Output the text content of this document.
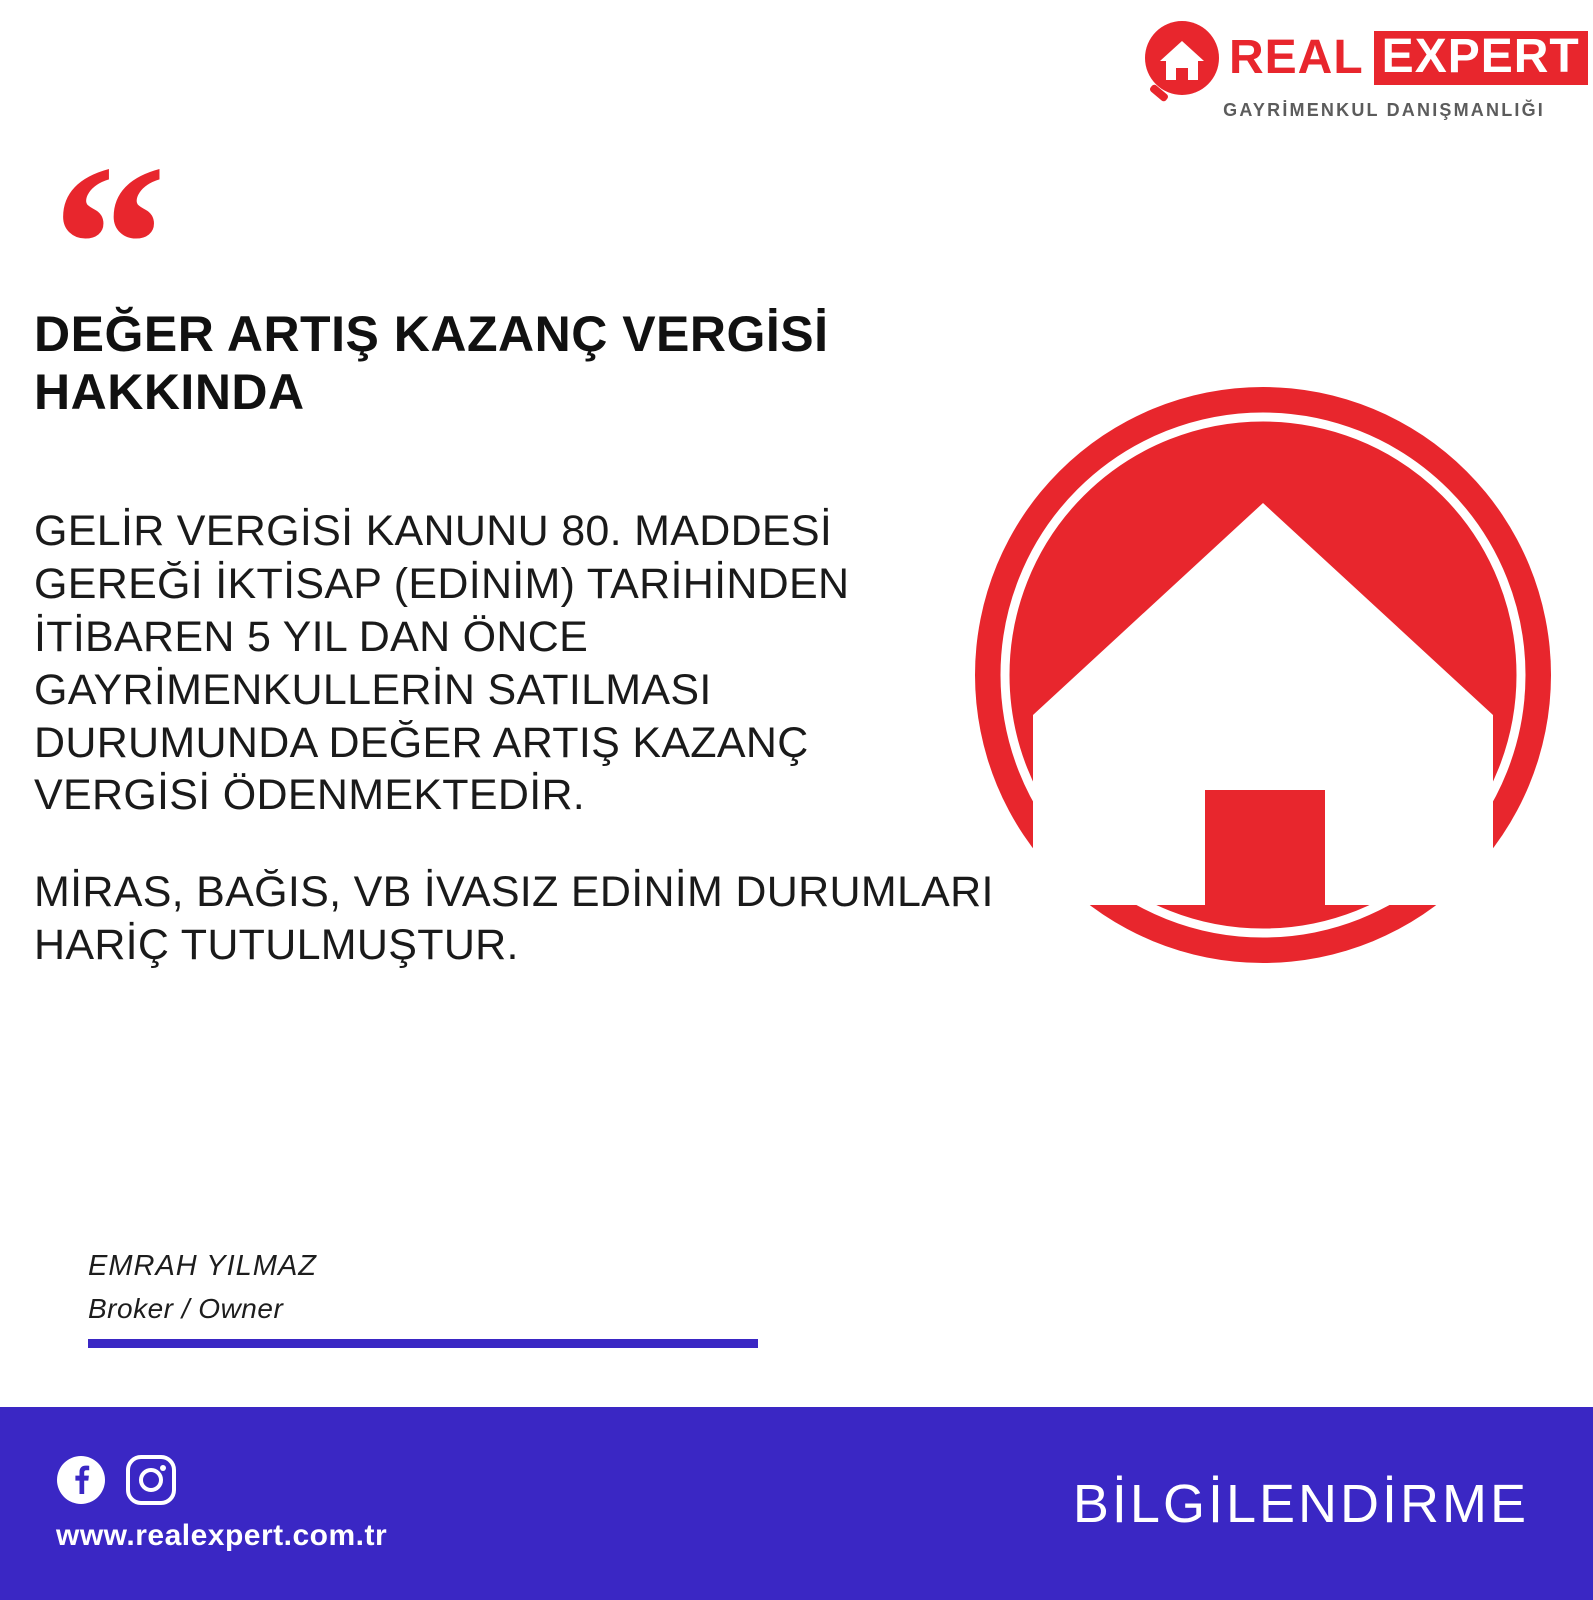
REAL EXPERT
GAYRİMENKUL DANIŞMANLIĞI
“
DEĞER ARTIŞ KAZANÇ VERGİSİ HAKKINDA

GELİR VERGİSİ KANUNU 80. MADDESİ GEREĞİ İKTİSAP (EDİNİM) TARİHİNDEN İTİBAREN 5 YIL DAN ÖNCE GAYRİMENKULLERİN SATILMASI DURUMUNDA DEĞER ARTIŞ KAZANÇ VERGİSİ ÖDENMEKTEDİR.

MİRAS, BAĞIS, VB İVASIZ EDİNİM DURUMLARI HARİÇ TUTULMUŞTUR.

EMRAH YILMAZ
Broker / Owner
www.realexpert.com.tr
BİLGİLENDİRME
